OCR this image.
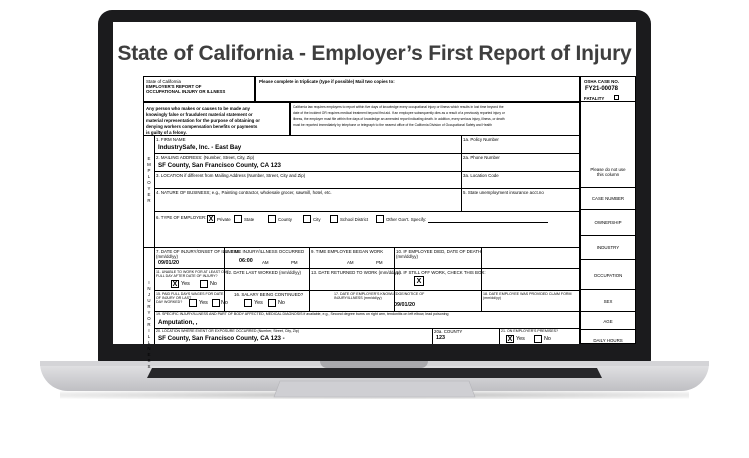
State of California - Employer’s First Report of Injury
State of California
EMPLOYER'S REPORT OF
OCCUPATIONAL INJURY OR ILLNESS
Please complete in triplicate (type if possible) Mail two copies to:	OSHA CASE NO.
FY21-00078
FATALITY
Any person who makes or causes to be made any
knowingly false or fraudulent material statement or
material representation for the purpose of obtaining or
denying workers compensation benefits or payments
is guilty of a felony.
California law requires employers to report within five days of knowledge every occupational injury or illness which results in lost time beyond the
date of the incident OR requires medical treatment beyond first aid. If an employee subsequently dies as a result of a previously reported injury or
illness, the employer must file within five days of knowledge an amended report indicating death. In addition, every serious injury, illness, or death
must be reported immediately by telephone or telegraph to the nearest office of the California Division of Occupational Safety and Health
Please do not use
this column
CASE NUMBER
OWNERSHIP
INDUSTRY
OCCUPATION
SEX
AGE
DAILY HOURS
E
M
P
L
O
Y
E
R
1. FIRM NAME
IndustrySafe, Inc. - East Bay
1a. Policy Number
2. MAILING ADDRESS: (Number, Street, City, Zip)
SF County, San Francisco County, CA 123
2a. Phone Number
3. LOCATION if different from Mailing Address (Number, Street, City and Zip)	3a. Location Code
4. NATURE OF BUSINESS; e.g., Painting contractor, wholesale grocer, sawmill, hotel, etc.	5. State unemployment insurance acct.no
6. TYPE OF EMPLOYER: X Private	State	County	City	School District	Other Gov't. Specify:
I
N
J
U
R
Y
O
R
I
L
L
N
E
S
S
7. DATE OF INJURY/ONSET OF ILLNESS
(mm/dd/yy)
09/01/20
8. TIME INJURY/ILLNESS OCCURRED
06:00 AM	PM
9. TIME EMPLOYEE BEGAN WORK
AM	PM
10. IF EMPLOYEE DIED, DATE OF DEATH
(mm/dd/yy)
11. UNABLE TO WORK FOR AT LEAST ONE
FULL DAY AFTER DATE OF INJURY?
X Yes	No
12. DATE LAST WORKED (mm/dd/yy) 13. DATE RETURNED TO WORK (mm/dd/yy)
14. IF STILL OFF WORK, CHECK THIS BOX:
X
15. PAID FULL DAYS WAGES FOR DATE
OF INJURY OR LAST
DAY WORKED?	Yes No
16. SALARY BEING CONTINUED?
Yes	No
17. DATE OF EMPLOYER'S KNOWLEDGE/NOTICE OF
INJURY/ILLNESS (mm/dd/yy)
09/01/20
18. DATE EMPLOYEE WAS PROVIDED CLAIM FORM
(mm/dd/yy)
19. SPECIFIC INJURY/ILLNESS AND PART OF BODY AFFECTED, MEDICAL DIAGNOSIS if available, e.g., Second degree burns on right arm, tendonitis on left elbow, lead poisoning
Amputation, ,
20. LOCATION WHERE EVENT OR EXPOSURE OCCURRED (Number, Street, City, Zip)
SF County, San Francisco County, CA 123 -
20a. COUNTY
123
21. ON EMPLOYER'S PREMISES?
X Yes	No
